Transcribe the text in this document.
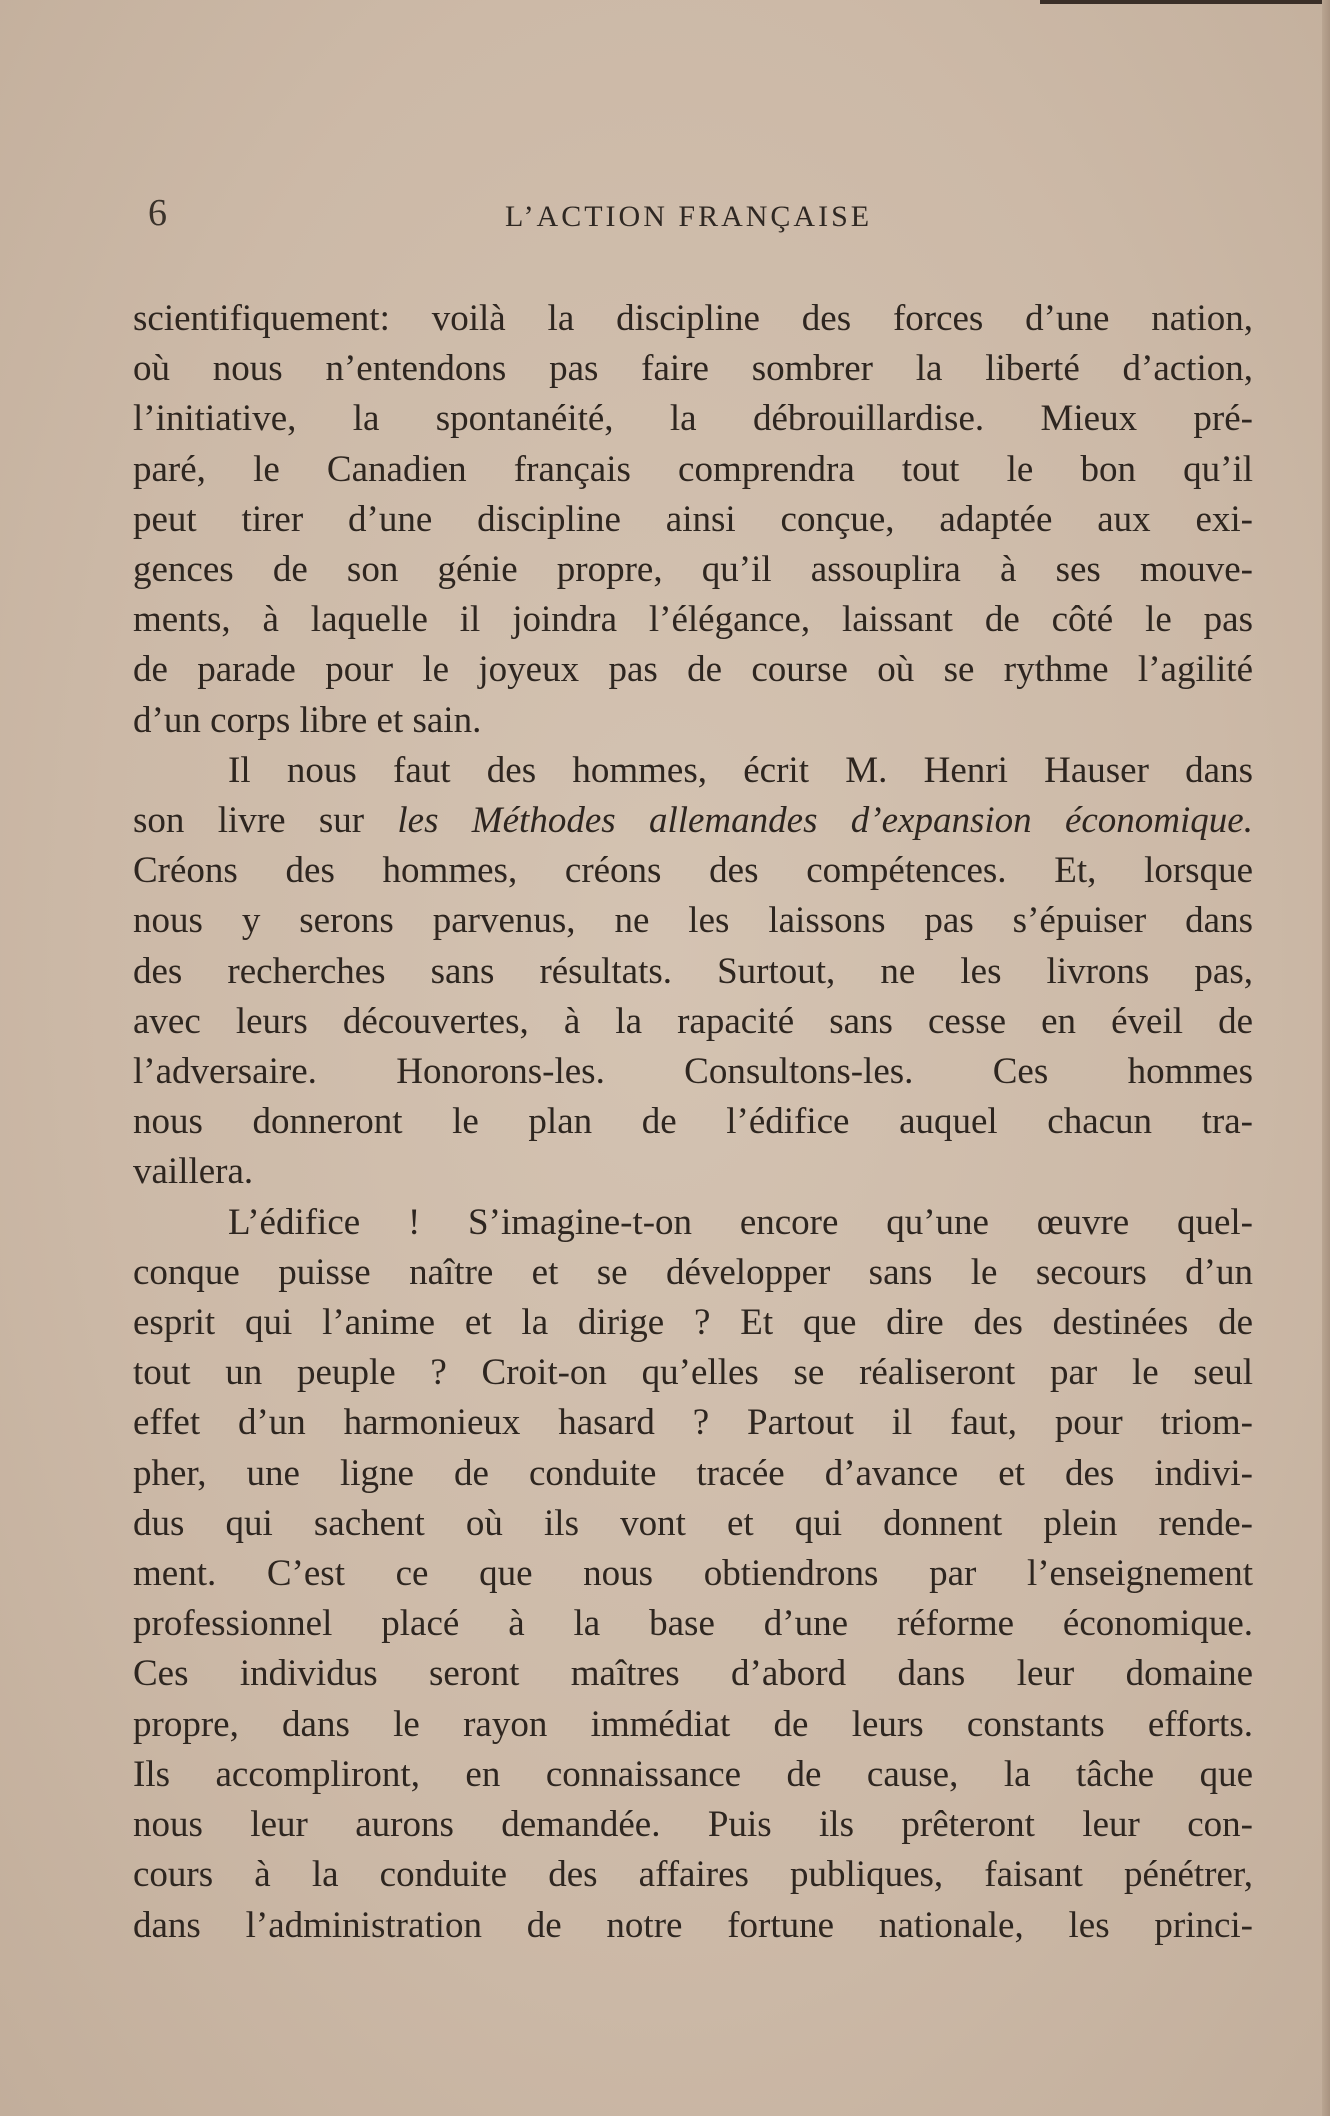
6	L’ACTION FRANÇAISE

scientifiquement: voilà la discipline des forces d’une nation,
où nous n’entendons pas faire sombrer la liberté d’action,
l’initiative, la spontanéité, la débrouillardise. Mieux pré-
paré, le Canadien français comprendra tout le bon qu’il
peut tirer d’une discipline ainsi conçue, adaptée aux exi-
gences de son génie propre, qu’il assouplira à ses mouve-
ments, à laquelle il joindra l’élégance, laissant de côté le pas
de parade pour le joyeux pas de course où se rythme l’agilité
d’un corps libre et sain.

Il nous faut des hommes, écrit M. Henri Hauser dans
son livre sur les Méthodes allemandes d’expansion économique.
Créons des hommes, créons des compétences. Et, lorsque
nous y serons parvenus, ne les laissons pas s’épuiser dans
des recherches sans résultats. Surtout, ne les livrons pas,
avec leurs découvertes, à la rapacité sans cesse en éveil de
l’adversaire. Honorons-les. Consultons-les. Ces hommes
nous donneront le plan de l’édifice auquel chacun tra-
vaillera.

L’édifice ! S’imagine-t-on encore qu’une œuvre quel-
conque puisse naître et se développer sans le secours d’un
esprit qui l’anime et la dirige ? Et que dire des destinées de
tout un peuple ? Croit-on qu’elles se réaliseront par le seul
effet d’un harmonieux hasard ? Partout il faut, pour triom-
pher, une ligne de conduite tracée d’avance et des indivi-
dus qui sachent où ils vont et qui donnent plein rende-
ment. C’est ce que nous obtiendrons par l’enseignement
professionnel placé à la base d’une réforme économique.
Ces individus seront maîtres d’abord dans leur domaine
propre, dans le rayon immédiat de leurs constants efforts.
Ils accompliront, en connaissance de cause, la tâche que
nous leur aurons demandée. Puis ils prêteront leur con-
cours à la conduite des affaires publiques, faisant pénétrer,
dans l’administration de notre fortune nationale, les princi-
